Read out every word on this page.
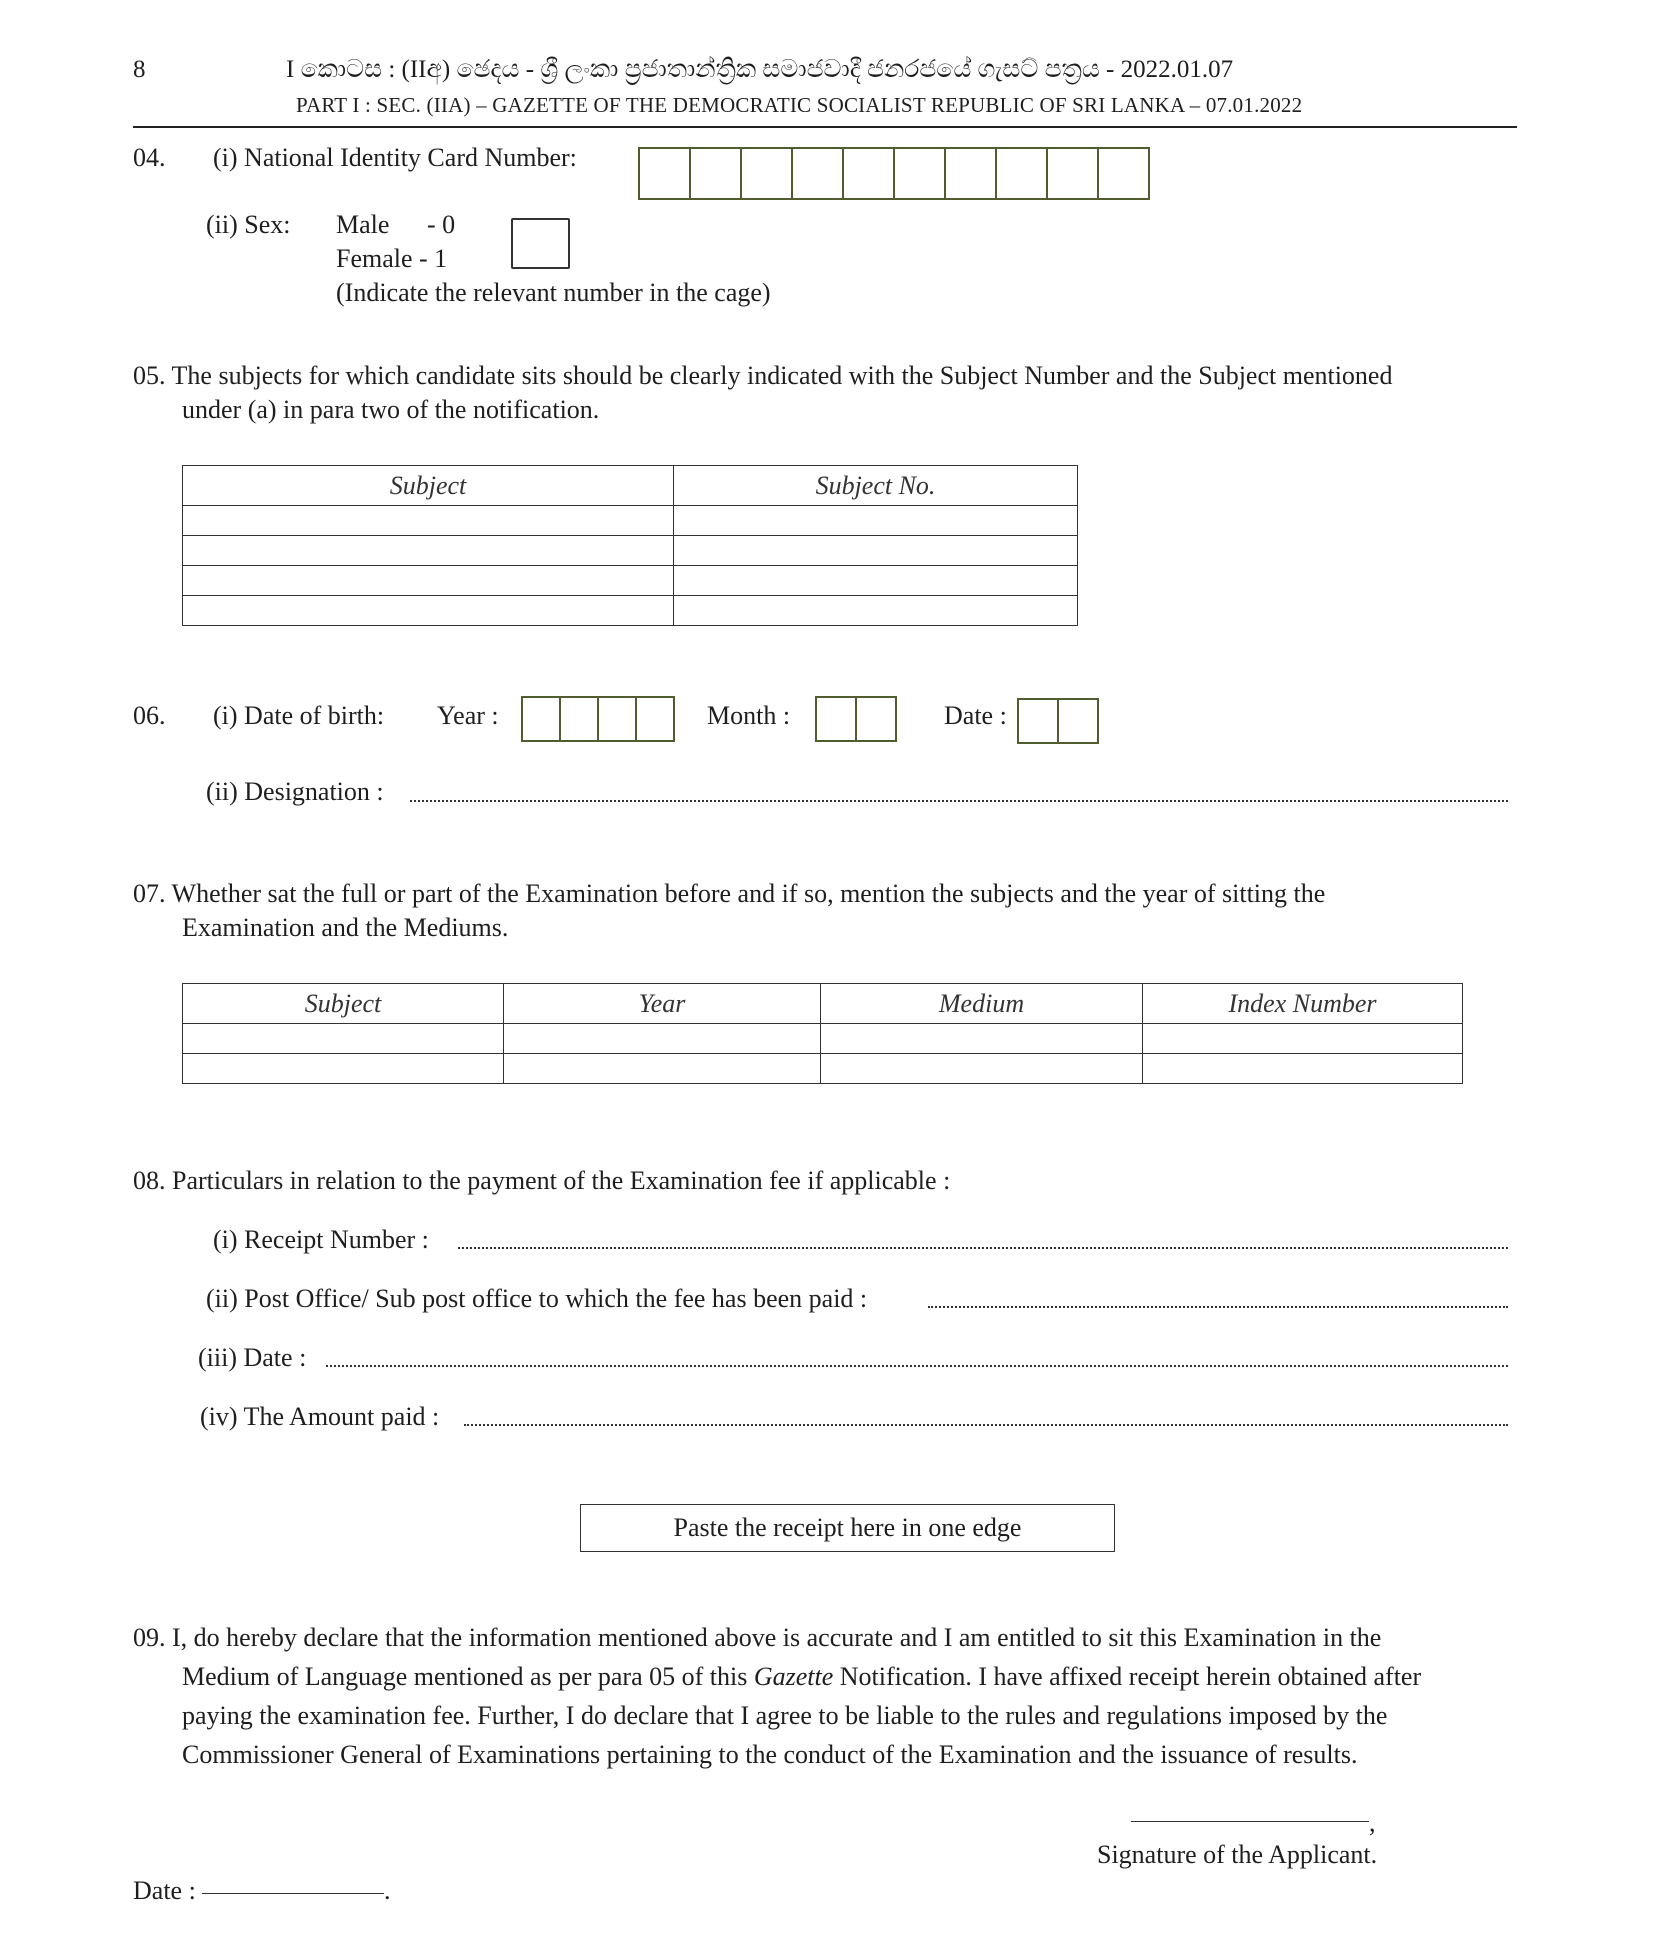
8	I කොටස : (IIඅ) ඡෙදය - ශ්‍රී ලංකා ප්‍රජාතාන්ත්‍රික සමාජවාදී ජනරජයේ ගැසට් පත්‍රය - 2022.01.07
PART I : SEC. (IIA) – GAZETTE OF THE DEMOCRATIC SOCIALIST REPUBLIC OF SRI LANKA – 07.01.2022
04. (i) National Identity Card Number:
(ii) Sex: Male - 0
Female - 1
(Indicate the relevant number in the cage)
05. The subjects for which candidate sits should be clearly indicated with the Subject Number and the Subject mentioned
under (a) in para two of the notification.
Subject	Subject No.

06. (i) Date of birth: Year :	Month :	Date :
(ii) Designation :
07. Whether sat the full or part of the Examination before and if so, mention the subjects and the year of sitting the
Examination and the Mediums.
Subject	Year	Medium	Index Number

08. Particulars in relation to the payment of the Examination fee if applicable :
(i) Receipt Number :
(ii) Post Office/ Sub post office to which the fee has been paid :
(iii) Date :
(iv) The Amount paid :
Paste the receipt here in one edge
09. I, do hereby declare that the information mentioned above is accurate and I am entitled to sit this Examination in the
Medium of Language mentioned as per para 05 of this Gazette Notification. I have affixed receipt herein obtained after
paying the examination fee. Further, I do declare that I agree to be liable to the rules and regulations imposed by the
Commissioner General of Examinations pertaining to the conduct of the Examination and the issuance of results.
,
Signature of the Applicant.
Date :	.
